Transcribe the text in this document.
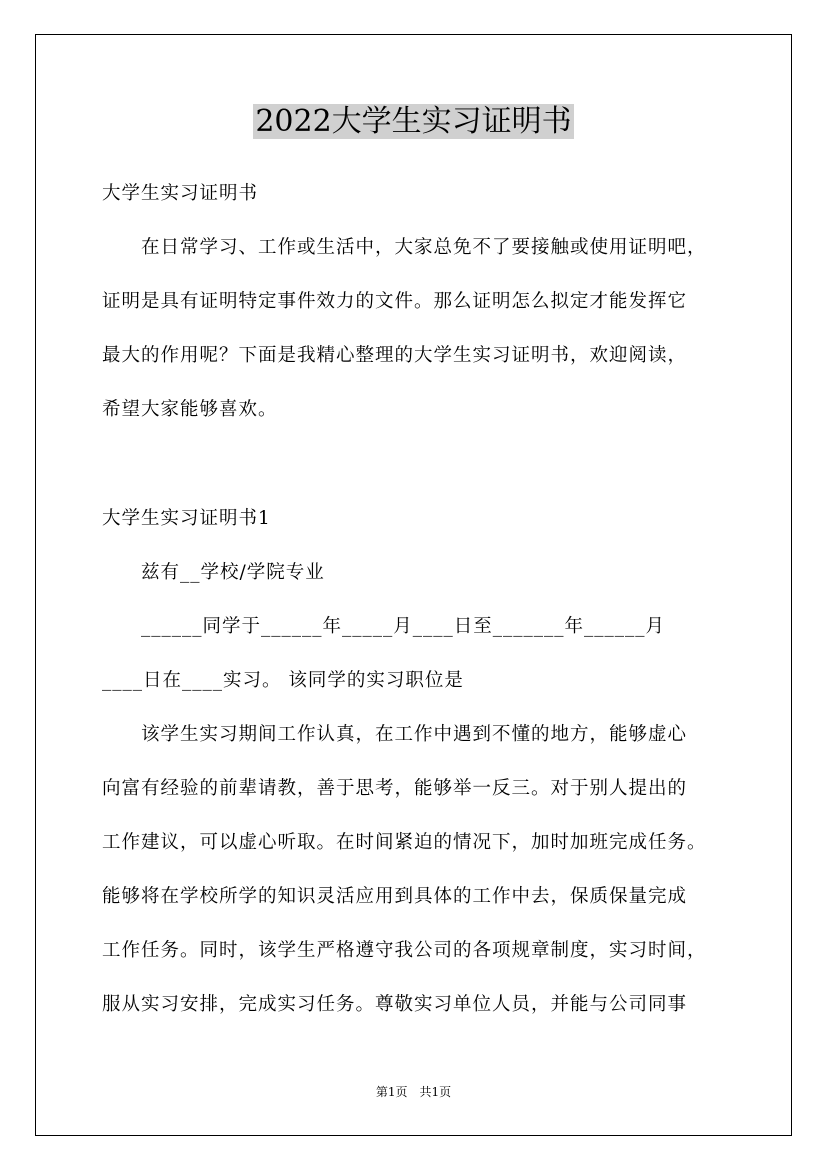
2022大学生实习证明书
大学生实习证明书
　　在日常学习、工作或生活中，大家总免不了要接触或使用证明吧，
证明是具有证明特定事件效力的文件。那么证明怎么拟定才能发挥它
最大的作用呢？下面是我精心整理的大学生实习证明书，欢迎阅读，
希望大家能够喜欢。
大学生实习证明书1
　　兹有__学校/学院专业
　　______同学于______年_____月____日至_______年______月
____日在____实习。 该同学的实习职位是
　　该学生实习期间工作认真，在工作中遇到不懂的地方，能够虚心
向富有经验的前辈请教，善于思考，能够举一反三。对于别人提出的
工作建议，可以虚心听取。在时间紧迫的情况下，加时加班完成任务。
能够将在学校所学的知识灵活应用到具体的工作中去，保质保量完成
工作任务。同时，该学生严格遵守我公司的各项规章制度，实习时间，
服从实习安排，完成实习任务。尊敬实习单位人员，并能与公司同事
第1页　共1页
